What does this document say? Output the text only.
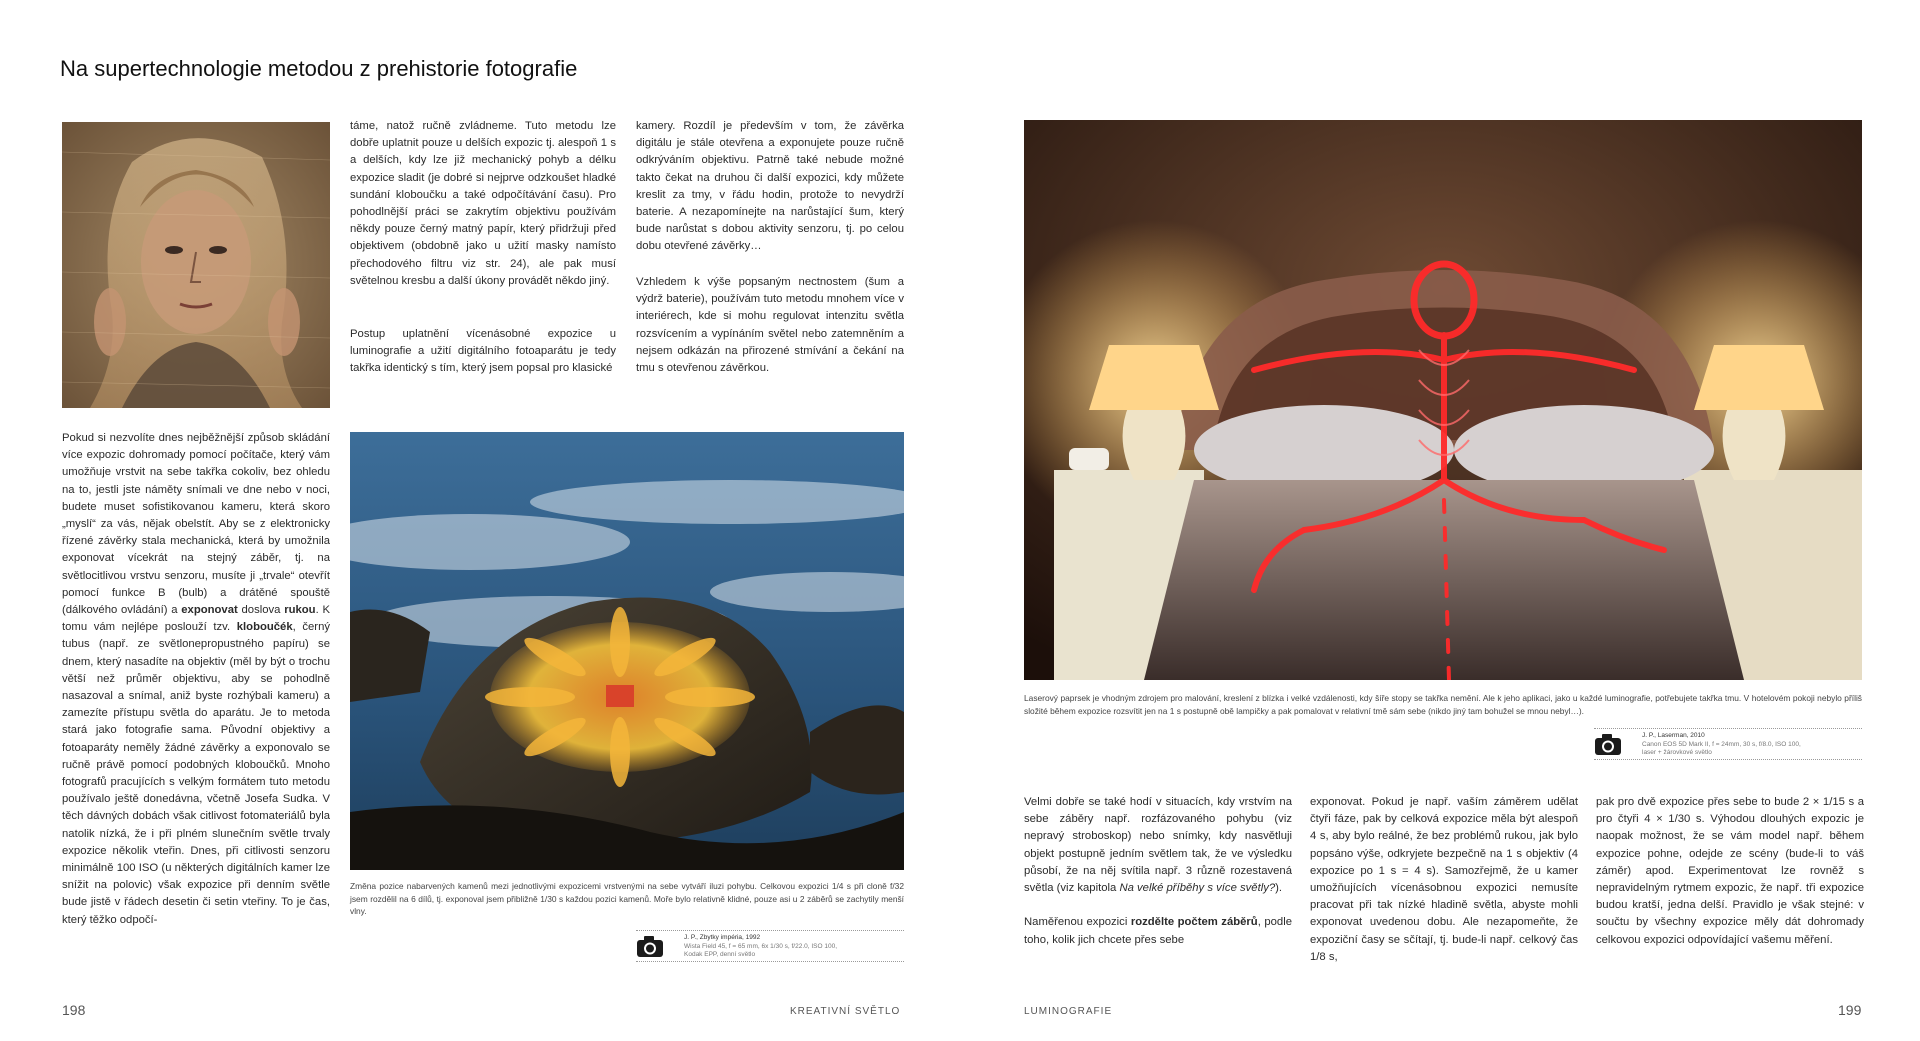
Na supertechnologie metodou z prehistorie fotografie

táme, natož ručně zvládneme. Tuto metodu lze dobře uplatnit pouze u delších expozic tj. alespoň 1 s a delších, kdy lze již mechanický pohyb a délku expozice sladit (je dobré si nejprve odzkoušet hladké sundání kloboučku a také odpočítávání času). Pro pohodlnější práci se zakrytím objektivu používám někdy pouze černý matný papír, který přidržuji před objektivem (obdobně jako u užití masky namísto přechodového filtru viz str. 24), ale pak musí světelnou kresbu a další úkony provádět někdo jiný.

Postup uplatnění vícenásobné expozice u luminografie a užití digitálního fotoaparátu je tedy takřka identický s tím, který jsem popsal pro klasické

kamery. Rozdíl je především v tom, že závěrka digitálu je stále otevřena a exponujete pouze ručně odkrýváním objektivu. Patrně také nebude možné takto čekat na druhou či další expozici, kdy můžete kreslit za tmy, v řádu hodin, protože to nevydrží baterie. A nezapomínejte na narůstající šum, který bude narůstat s dobou aktivity senzoru, tj. po celou dobu otevřené závěrky…

Vzhledem k výše popsaným nectnostem (šum a výdrž baterie), používám tuto metodu mnohem více v interiérech, kde si mohu regulovat intenzitu světla rozsvícením a vypínáním světel nebo zatemněním a nejsem odkázán na přirozené stmívání a čekání na tmu s otevřenou závěrkou.

Pokud si nezvolíte dnes nejběžnější způsob skládání více expozic dohromady pomocí počítače, který vám umožňuje vrstvit na sebe takřka cokoliv, bez ohledu na to, jestli jste náměty snímali ve dne nebo v noci, budete muset sofistikovanou kameru, která skoro „myslí“ za vás, nějak obelstít. Aby se z elektronicky řízené závěrky stala mechanická, která by umožnila exponovat vícekrát na stejný záběr, tj. na světlocitlivou vrstvu senzoru, musíte ji „trvale“ otevřít pomocí funkce B (bulb) a drátěné spouště (dálkového ovládání) a exponovat doslova rukou. K tomu vám nejlépe poslouží tzv. kloboučék, černý tubus (např. ze světlonepropustného papíru) se dnem, který nasadíte na objektiv (měl by být o trochu větší než průměr objektivu, aby se pohodlně nasazoval a snímal, aniž byste rozhýbali kameru) a zamezíte přístupu světla do aparátu. Je to metoda stará jako fotografie sama. Původní objektivy a fotoaparáty neměly žádné závěrky a exponovalo se ručně právě pomocí podobných kloboučků. Mnoho fotografů pracujících s velkým formátem tuto metodu používalo ještě donedávna, včetně Josefa Sudka. V těch dávných dobách však citlivost fotomateriálů byla natolik nízká, že i při plném slunečním světle trvaly expozice několik vteřin. Dnes, při citlivosti senzoru minimálně 100 ISO (u některých digitálních kamer lze snížit na polovic) však expozice při denním světle bude jistě v řádech desetin či setin vteřiny. To je čas, který těžko odpočí-

Změna pozice nabarvených kamenů mezi jednotlivými expozicemi vrstvenými na sebe vytváří iluzi pohybu. Celkovou expozici 1/4 s při cloně f/32 jsem rozdělil na 6 dílů, tj. exponoval jsem přibližně 1/30 s každou pozici kamenů. Moře bylo relativně klidné, pouze asi u 2 záběrů se zachytily menší vlny.

J. P., Zbytky impéria, 1992
Wista Field 45, f = 65 mm, 6x 1/30 s, f/22.0, ISO 100,
Kodak EPP, denní světlo
198	KREATIVNÍ SVĚTLO

Laserový paprsek je vhodným zdrojem pro malování, kreslení z blízka i velké vzdálenosti, kdy šíře stopy se takřka nemění. Ale k jeho aplikaci, jako u každé luminografie, potřebujete takřka tmu. V hotelovém pokoji nebylo příliš složité během expozice rozsvítit jen na 1 s postupně obě lampičky a pak pomalovat v relativní tmě sám sebe (nikdo jiný tam bohužel se mnou nebyl…).

J. P., Laserman, 2010
Canon EOS 5D Mark II, f = 24mm, 30 s, f/8.0, ISO 100,
laser + žárovkové světlo

Velmi dobře se také hodí v situacích, kdy vrstvím na sebe záběry např. rozfázovaného pohybu (viz nepravý stroboskop) nebo snímky, kdy nasvětluji objekt postupně jedním světlem tak, že ve výsledku působí, že na něj svítila např. 3 různě rozestavená světla (viz kapitola Na velké příběhy s více světly?).

Naměřenou expozici rozdělte počtem záběrů, podle toho, kolik jich chcete přes sebe

exponovat. Pokud je např. vaším záměrem udělat čtyři fáze, pak by celková expozice měla být alespoň 4 s, aby bylo reálné, že bez problémů rukou, jak bylo popsáno výše, odkryjete bezpečně na 1 s objektiv (4 expozice po 1 s = 4 s). Samozřejmě, že u kamer umožňujících vícenásobnou expozici nemusíte pracovat při tak nízké hladině světla, abyste mohli exponovat uvedenou dobu. Ale nezapomeňte, že expoziční časy se sčítají, tj. bude-li např. celkový čas 1/8 s,

pak pro dvě expozice přes sebe to bude 2 × 1/15 s a pro čtyři 4 × 1/30 s. Výhodou dlouhých expozic je naopak možnost, že se vám model např. během expozice pohne, odejde ze scény (bude-li to váš záměr) apod. Experimentovat lze rovněž s nepravidelným rytmem expozic, že např. tři expozice budou kratší, jedna delší. Pravidlo je však stejné: v součtu by všechny expozice měly dát dohromady celkovou expozici odpovídající vašemu měření.

LUMINOGRAFIE	199
